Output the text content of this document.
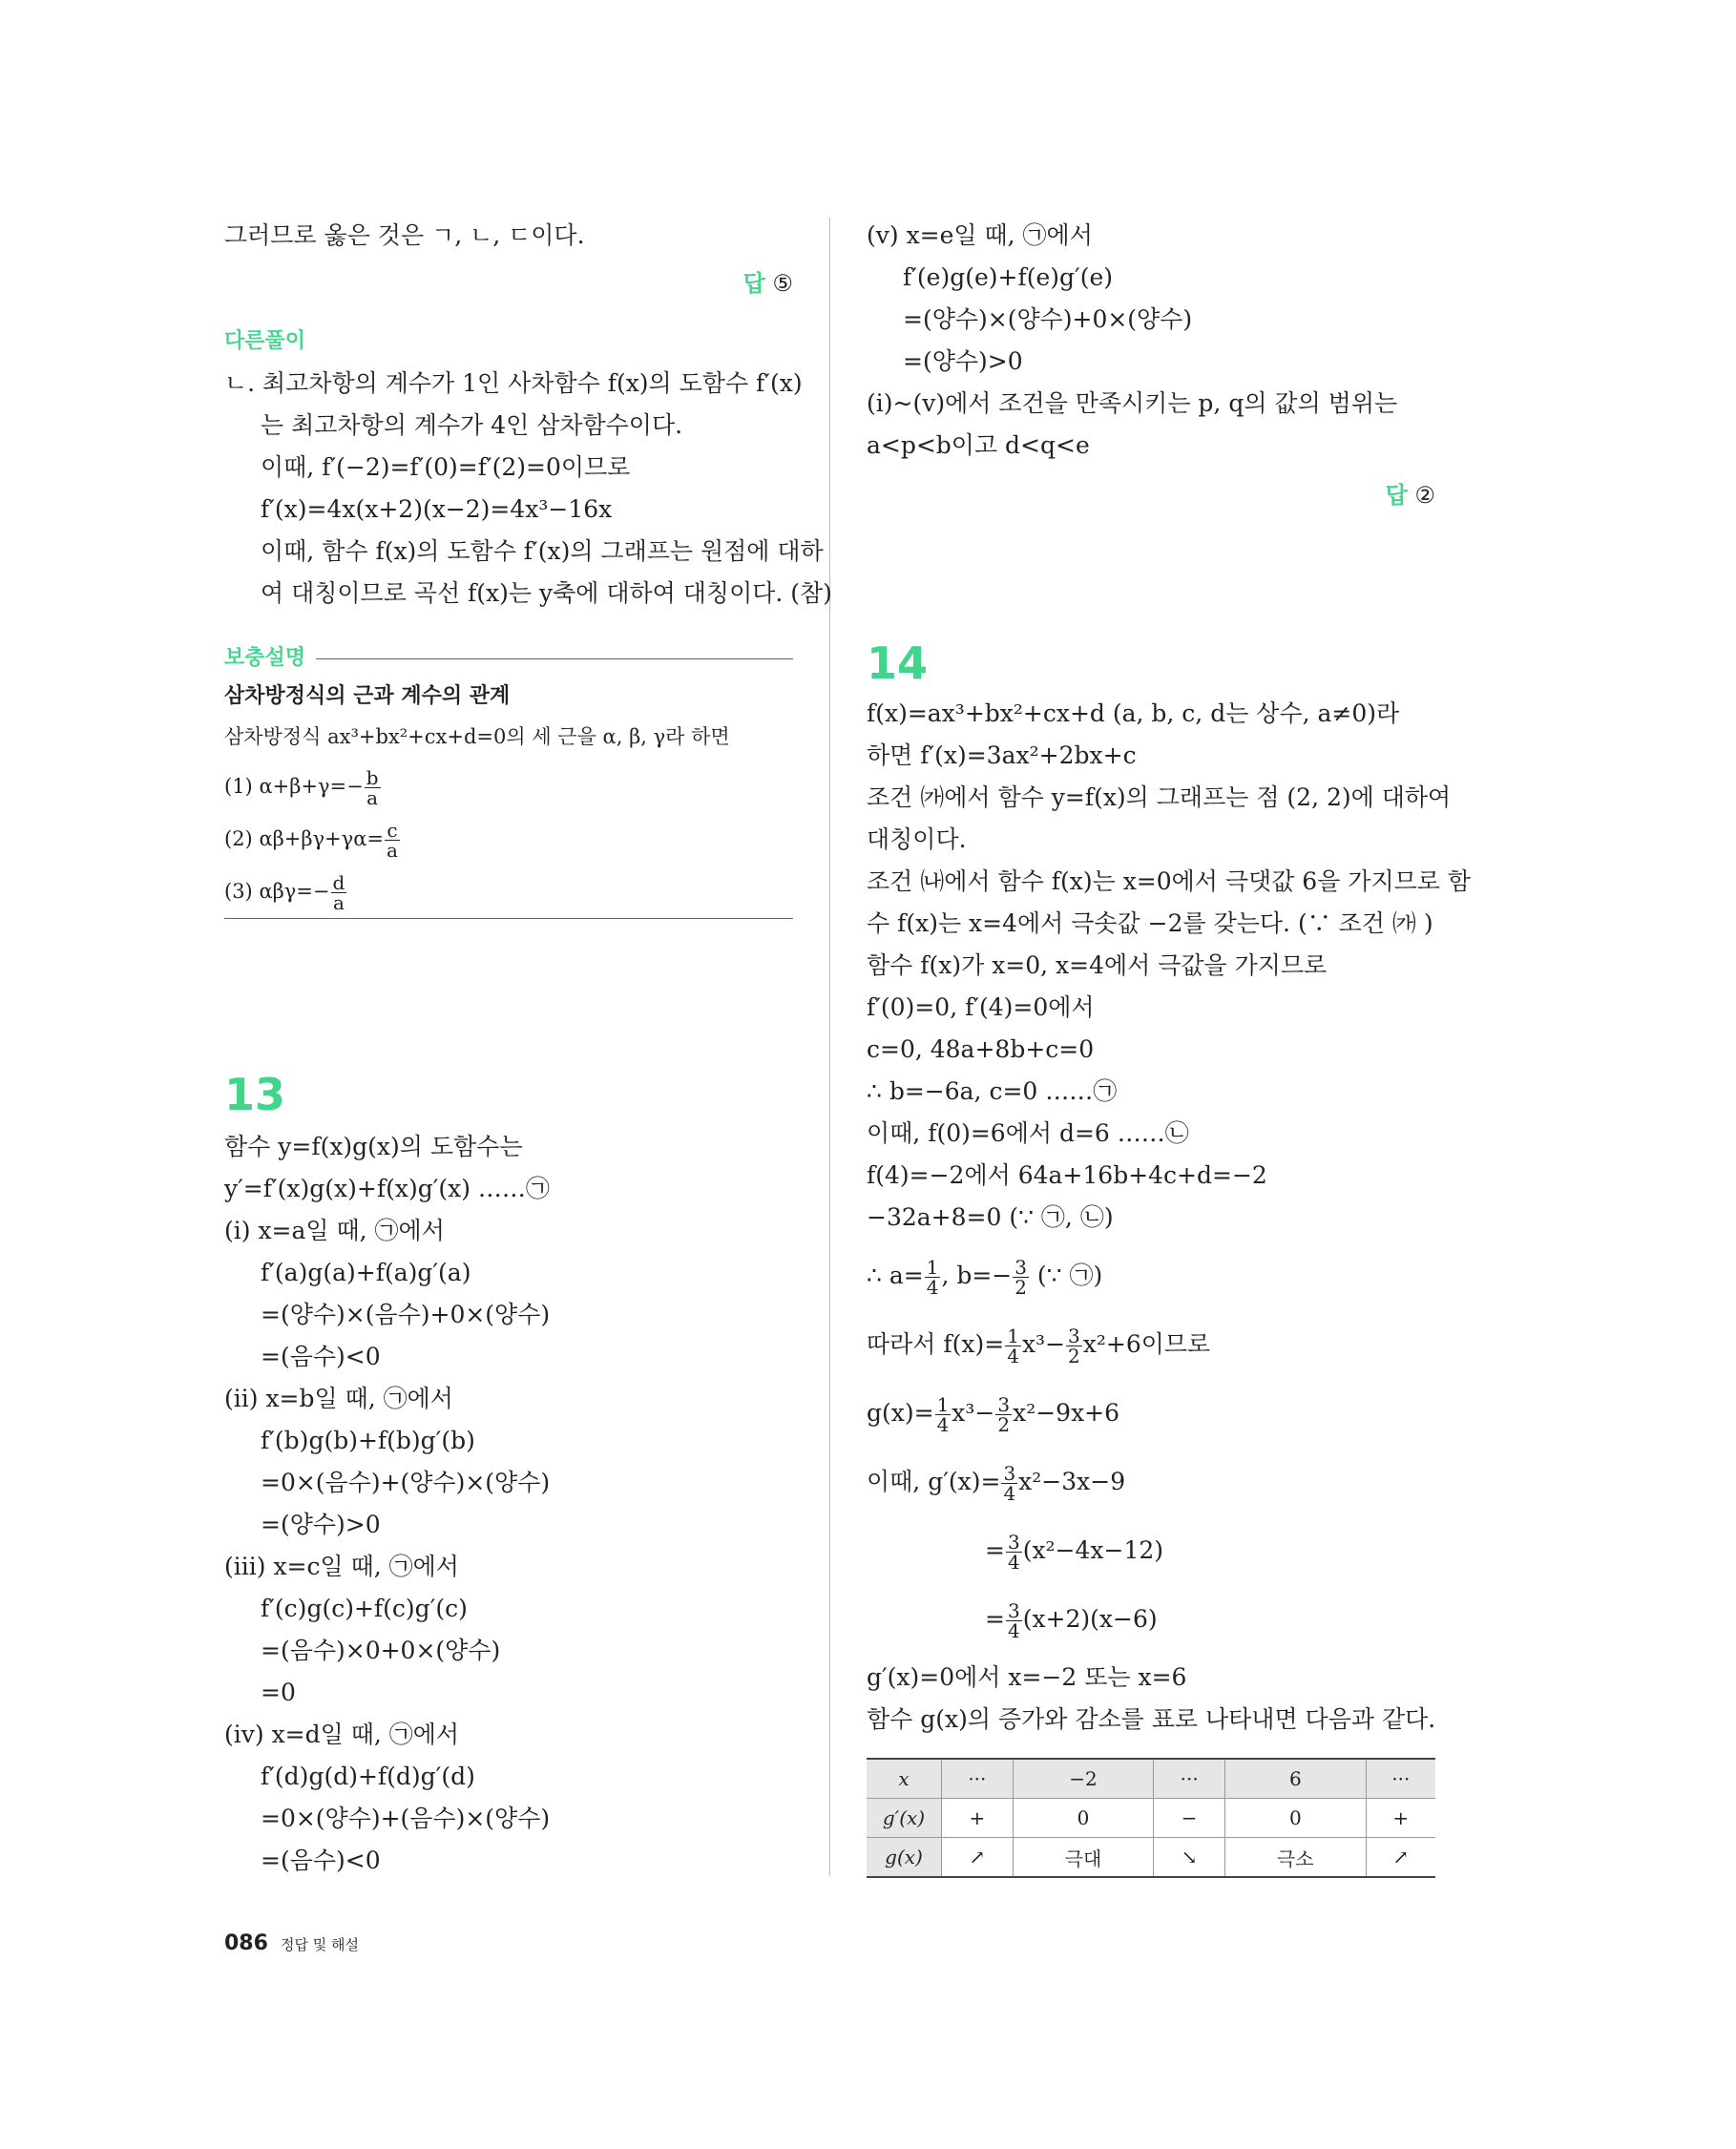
그러므로 옳은 것은 ㄱ, ㄴ, ㄷ이다.
답 ⑤
다른풀이
ㄴ. 최고차항의 계수가 1인 사차함수 f(x)의 도함수 f′(x)
는 최고차항의 계수가 4인 삼차함수이다.
이때, f′(−2)=f′(0)=f′(2)=0이므로
f′(x)=4x(x+2)(x−2)=4x³−16x
이때, 함수 f(x)의 도함수 f′(x)의 그래프는 원점에 대하
여 대칭이므로 곡선 f(x)는 y축에 대하여 대칭이다. (참)
보충설명
삼차방정식의 근과 계수의 관계
삼차방정식 ax³+bx²+cx+d=0의 세 근을 α, β, γ라 하면
(1) $\alpha+\beta+\gamma=- \frac{b}{a}$
(2) $\alpha\beta+\beta\gamma+\gamma\alpha= \frac{c}{a}$
(3) $\alpha\beta\gamma=- \frac{d}{a}$
13
함수 y=f(x)g(x)의 도함수는
y′=f′(x)g(x)+f(x)g′(x) ……㉠
(i) x=a일 때, ㉠에서
f′(a)g(a)+f(a)g′(a)
=(양수)×(음수)+0×(양수)
=(음수)<0
(ii) x=b일 때, ㉠에서
f′(b)g(b)+f(b)g′(b)
=0×(음수)+(양수)×(양수)
=(양수)>0
(iii) x=c일 때, ㉠에서
f′(c)g(c)+f(c)g′(c)
=(음수)×0+0×(양수)
=0
(iv) x=d일 때, ㉠에서
f′(d)g(d)+f(d)g′(d)
=0×(양수)+(음수)×(양수)
=(음수)<0
(v) x=e일 때, ㉠에서
f′(e)g(e)+f(e)g′(e)
=(양수)×(양수)+0×(양수)
=(양수)>0
(i)~(v)에서 조건을 만족시키는 p, q의 값의 범위는
a<p<b이고 d<q<e
답 ②
14
f(x)=ax³+bx²+cx+d (a, b, c, d는 상수, a≠0)라
하면 f′(x)=3ax²+2bx+c
조건 ㈎에서 함수 y=f(x)의 그래프는 점 (2, 2)에 대하여
대칭이다.
조건 ㈏에서 함수 f(x)는 x=0에서 극댓값 6을 가지므로 함
수 f(x)는 x=4에서 극솟값 −2를 갖는다. (∵ 조건 ㈎ )
함수 f(x)가 x=0, x=4에서 극값을 가지므로
f′(0)=0, f′(4)=0에서
c=0, 48a+8b+c=0
∴ b=−6a, c=0 ……㉠
이때, f(0)=6에서 d=6 ……㉡
f(4)=−2에서 64a+16b+4c+d=−2
−32a+8=0 (∵ ㉠, ㉡)
∴ $a= \frac{1}{4}$ , $b=- \frac{3}{2}$ (∵ ㉠)
따라서 $f(x)= \frac{1}{4} x^3- \frac{3}{2} x^2+6$이므로
$g(x)= \frac{1}{4} x^3- \frac{3}{2} x^2-9x+6$
이때, $g'(x)= \frac{3}{4} x^2-3x-9$
= $\frac{3}{4} (x^2-4x-12)$
= $\frac{3}{4} (x+2)(x-6)$
g′(x)=0에서 x=−2 또는 x=6
함수 g(x)의 증가와 감소를 표로 나타내면 다음과 같다.
x	···	−2	···	6	···
g′(x)	+	0	−	0	+
g(x)	↗	극대	↘	극소	↗
086 정답 및 해설
